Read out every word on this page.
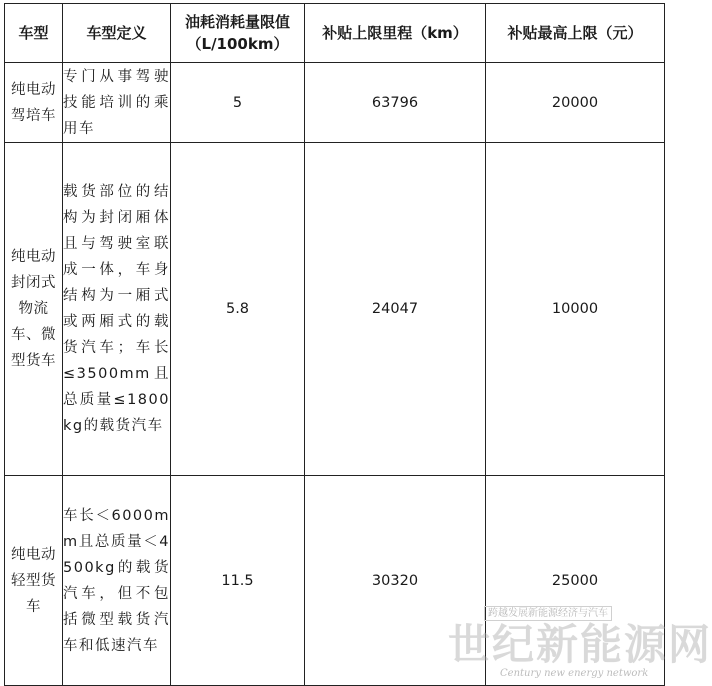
车型	车型定义	油耗消耗量限值（L/100km）	补贴上限里程（km）	补贴最高上限（元）
纯电动驾培车	专门从事驾驶技能培训的乘用车	5	63796	20000
纯电动封闭式物流车、微型货车	载货部位的结构为封闭厢体且与驾驶室联成一体，车身结构为一厢式或两厢式的载货汽车；车长≤3500mm且总质量≤1800kg的载货汽车	5.8	24047	10000
纯电动轻型货车	车长＜6000mm且总质量＜4500kg的载货汽车，但不包括微型载货汽车和低速汽车	11.5	30320	25000
跨越发展新能源经济与汽车
世纪新能源网
Century new energy network
